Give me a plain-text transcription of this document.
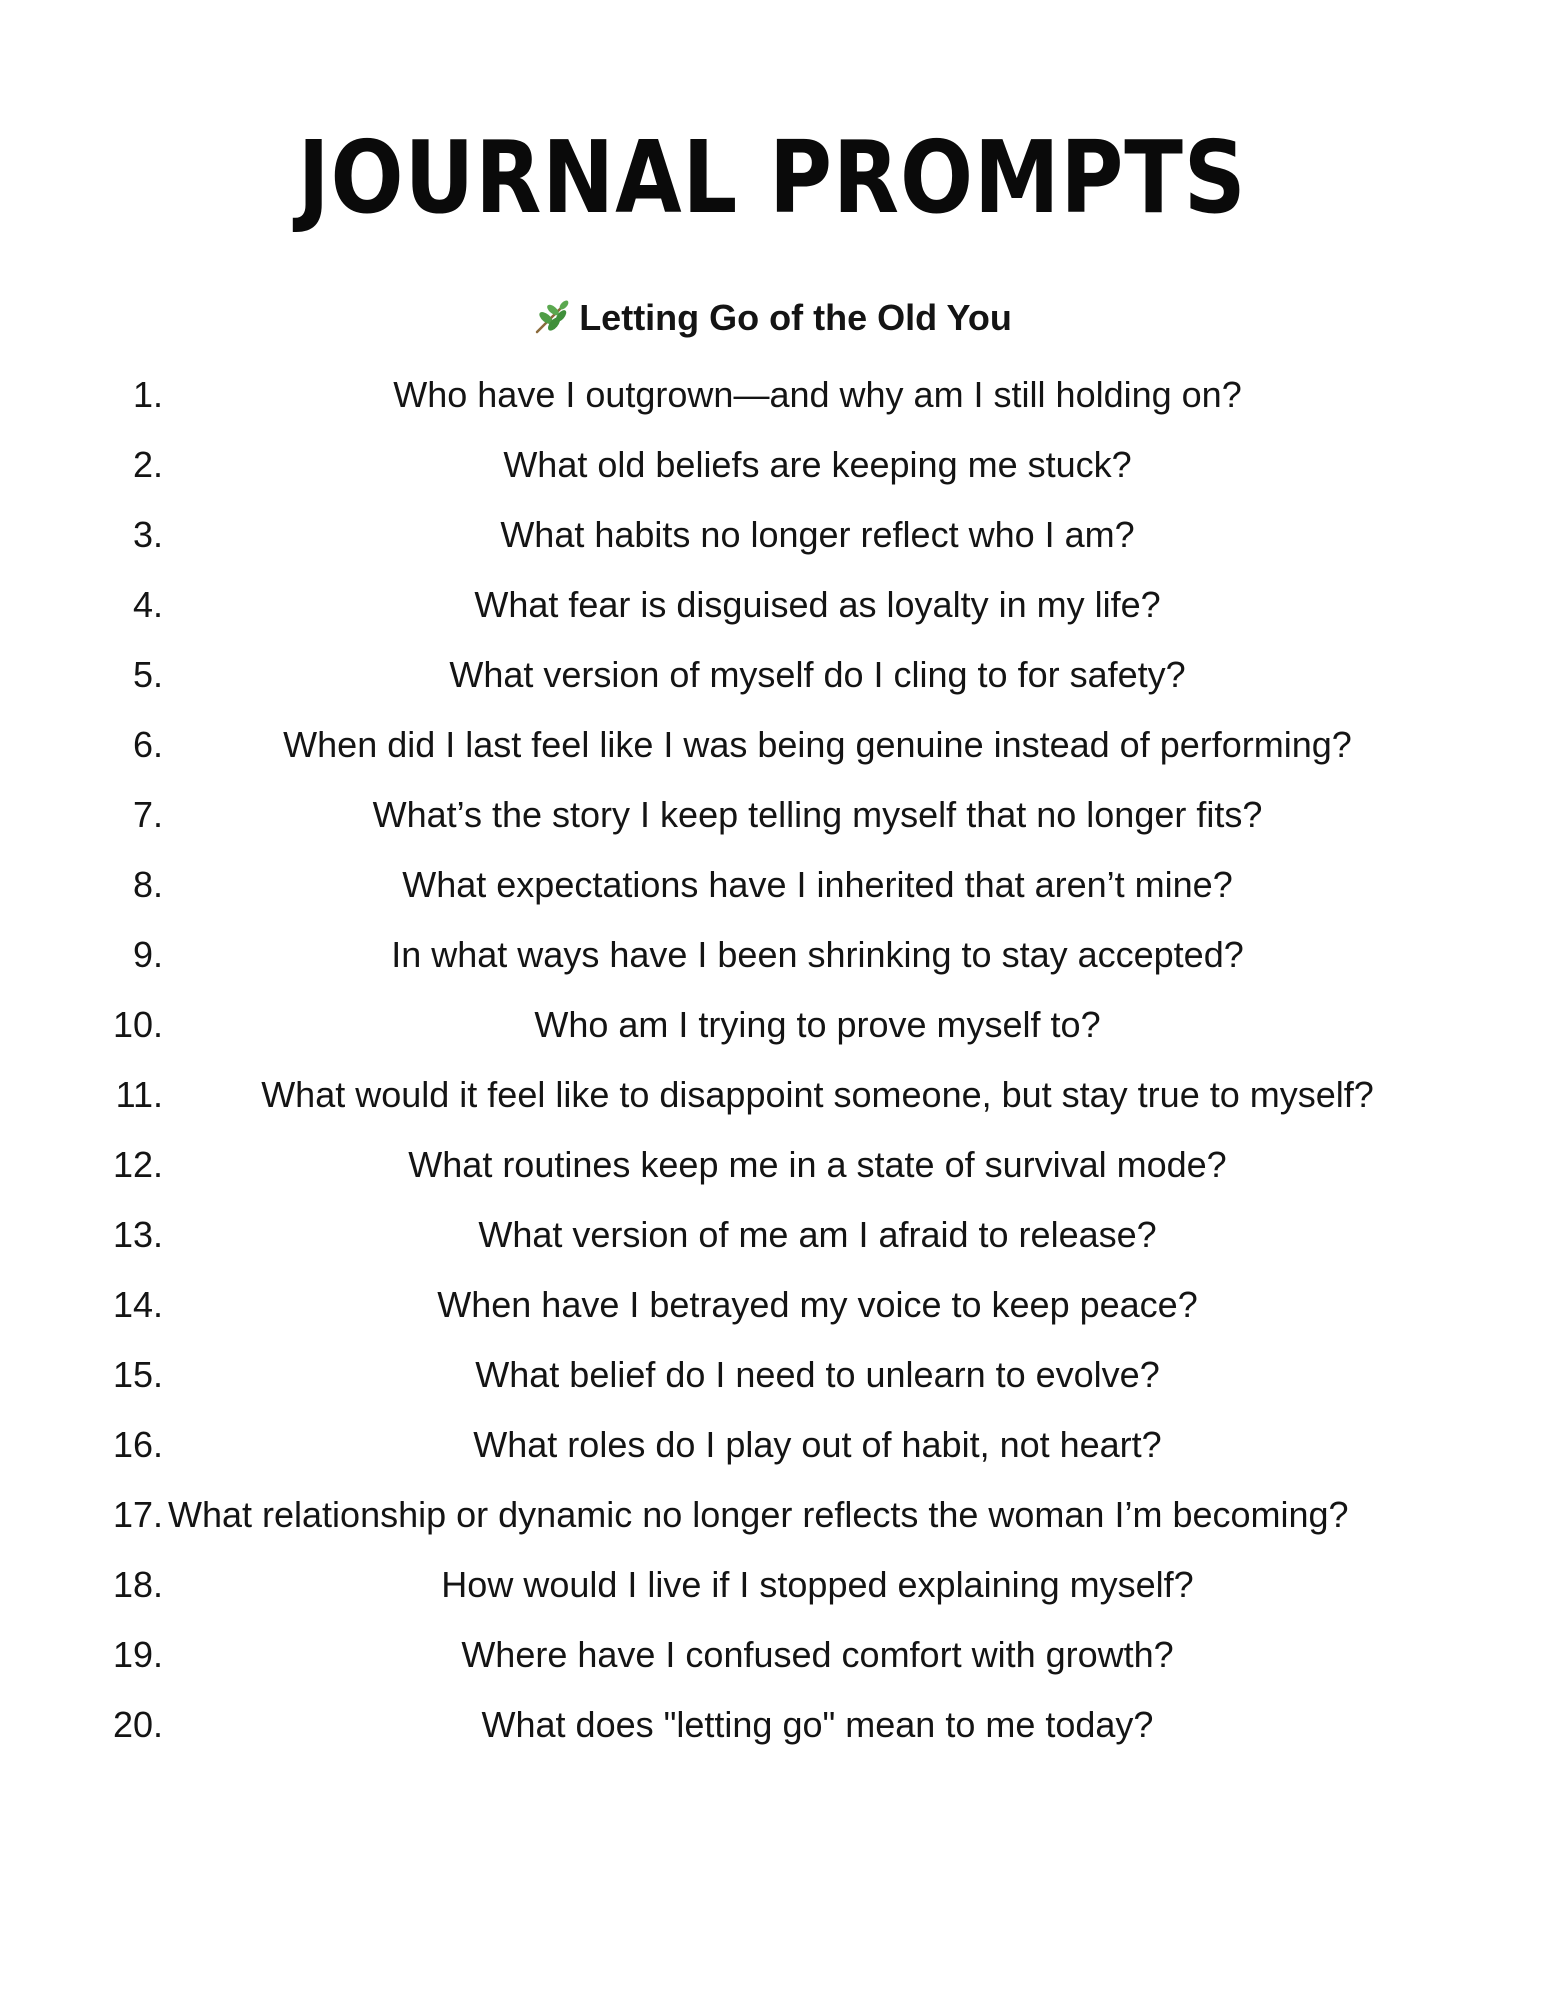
JOURNAL PROMPTS
Letting Go of the Old You
1.	Who have I outgrown—and why am I still holding on?
2.	What old beliefs are keeping me stuck?
3.	What habits no longer reflect who I am?
4.	What fear is disguised as loyalty in my life?
5.	What version of myself do I cling to for safety?
6.	When did I last feel like I was being genuine instead of performing?
7.	What’s the story I keep telling myself that no longer fits?
8.	What expectations have I inherited that aren’t mine?
9.	In what ways have I been shrinking to stay accepted?
10.	Who am I trying to prove myself to?
11.	What would it feel like to disappoint someone, but stay true to myself?
12.	What routines keep me in a state of survival mode?
13.	What version of me am I afraid to release?
14.	When have I betrayed my voice to keep peace?
15.	What belief do I need to unlearn to evolve?
16.	What roles do I play out of habit, not heart?
17. What relationship or dynamic no longer reflects the woman I’m becoming?
18.	How would I live if I stopped explaining myself?
19.	Where have I confused comfort with growth?
20.	What does "letting go" mean to me today?
